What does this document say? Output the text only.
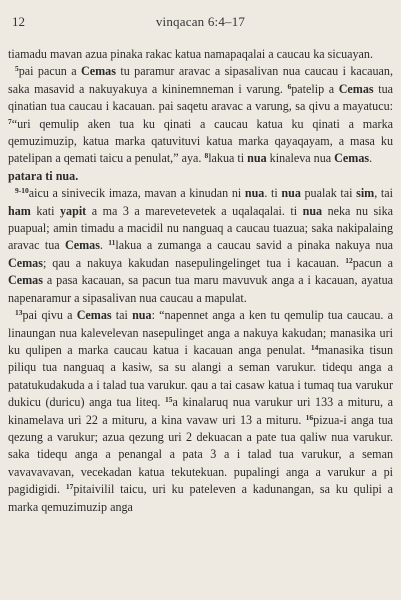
12	vinqacan 6:4–17

tiamadu mavan azua pinaka rakac katua namapaqalai a caucau ka sicuayan.

$^5$pai pacun a Cemas tu paramur aravac a sipasalivan nua caucau i kacauan, saka masavid a nakuyakuya a kininemneman i varung. $^6$patelip a Cemas tua qinatian tua caucau i kacauan. pai saqetu aravac a varung, sa qivu a mayatucu: $^7$“uri qemulip aken tua ku qinati a caucau katua ku qinati a marka qemuzimuzip, katua marka qatuvituvi katua marka qayaqayam, a masa ku patelipan a qemati taicu a penulat,” aya. $^8$lakua ti nua kinaleva nua Cemas.

patara ti nua.

$^{9-10}$aicu a sinivecik imaza, mavan a kinudan ni nua. ti nua pualak tai sim, tai ham kati yapit a ma 3 a marevetevetek a uqalaqalai. ti nua neka nu sika puapual; amin timadu a macidil nu nanguaq a caucau tuazua; saka nakipalaing aravac tua Cemas. $^{11}$lakua a zumanga a caucau savid a pinaka nakuya nua Cemas; qau a nakuya kakudan nasepulingelinget tua i kacauan. $^{12}$pacun a Cemas a pasa kacauan, sa pacun tua maru mavuvuk anga a i kacauan, ayatua napenaramur a sipasalivan nua caucau a mapulat.

$^{13}$pai qivu a Cemas tai nua: “napennet anga a ken tu qemulip tua caucau. a linaungan nua kalevelevan nasepulinget anga a nakuya kakudan; manasika uri ku qulipen a marka caucau katua i kacauan anga penulat. $^{14}$manasika tisun piliqu tua nanguaq a kasiw, sa su alangi a seman varukur. tidequ anga a patatukudakuda a i talad tua varukur. qau a tai casaw katua i tumaq tua varukur dukicu (duricu) anga tua liteq. $^{15}$a kinalaruq nua varukur uri 133 a mituru, a kinamelava uri 22 a mituru, a kina vavaw uri 13 a mituru. $^{16}$pizua-i anga tua qezung a varukur; azua qezung uri 2 dekuacan a pate tua qaliw nua varukur. saka tidequ anga a penangal a pata 3 a i talad tua varukur, a seman vavavavavan, vecekadan katua tekutekuan. pupalingi anga a varukur a pi pagidigidi. $^{17}$pitaivilil taicu, uri ku pateleven a kadunangan, sa ku qulipi a marka qemuzimuzip anga
